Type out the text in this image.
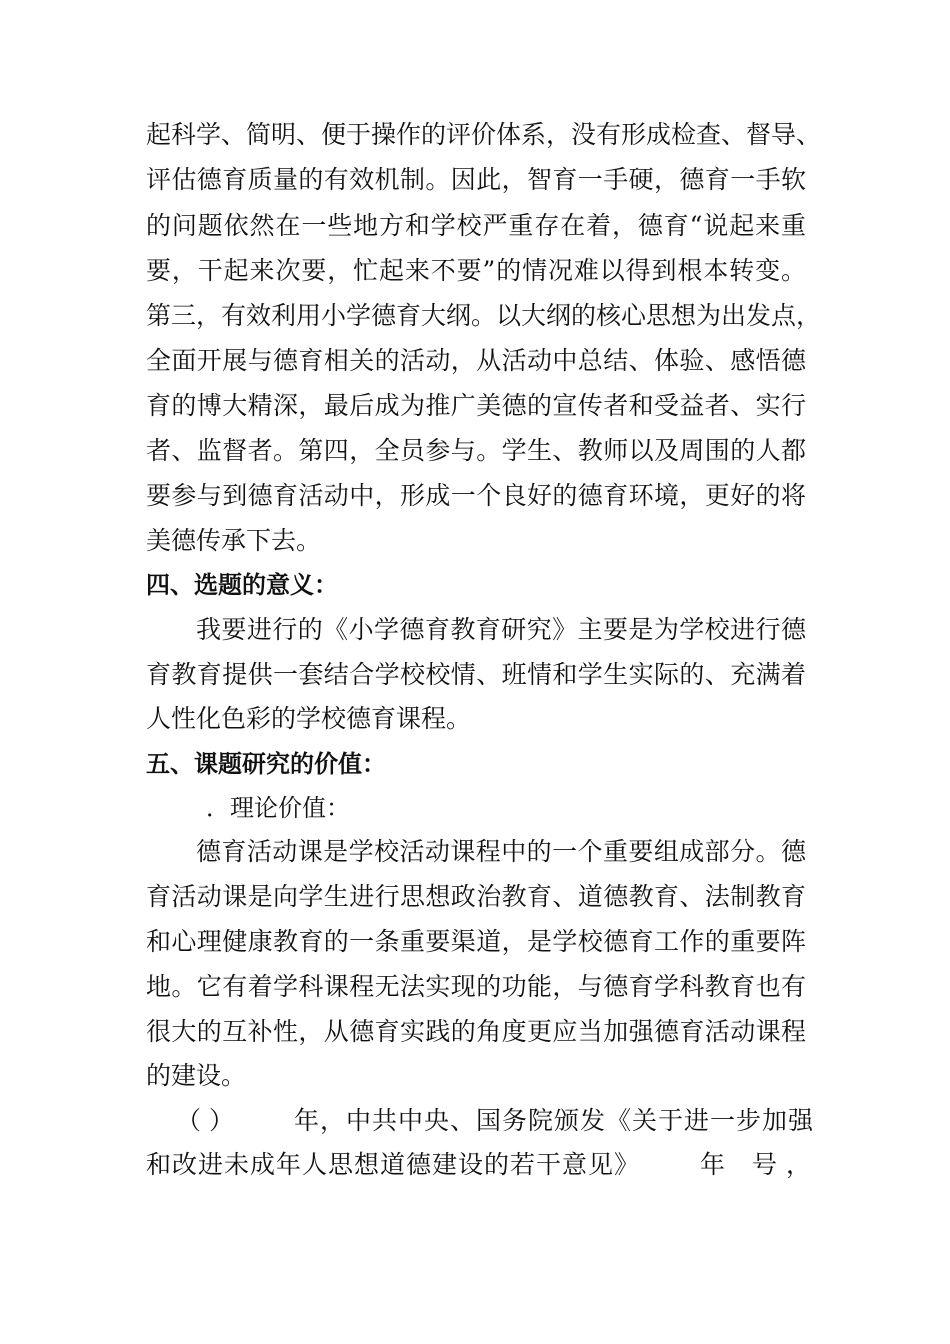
起科学、简明、便于操作的评价体系，没有形成检查、督导、
评估德育质量的有效机制。因此，智育一手硬，德育一手软
的问题依然在一些地方和学校严重存在着，德育“说起来重
要，干起来次要，忙起来不要”的情况难以得到根本转变。
第三，有效利用小学德育大纲。以大纲的核心思想为出发点，
全面开展与德育相关的活动，从活动中总结、体验、感悟德
育的博大精深，最后成为推广美德的宣传者和受益者、实行
者、监督者。第四，全员参与。学生、教师以及周围的人都
要参与到德育活动中，形成一个良好的德育环境，更好的将
美德传承下去。
四、选题的意义：
我要进行的《小学德育教育研究》主要是为学校进行德
育教育提供一套结合学校校情、班情和学生实际的、充满着
人性化色彩的学校德育课程。
五、课题研究的价值：
．理论价值：
德育活动课是学校活动课程中的一个重要组成部分。德
育活动课是向学生进行思想政治教育、道德教育、法制教育
和心理健康教育的一条重要渠道，是学校德育工作的重要阵
地。它有着学科课程无法实现的功能，与德育学科教育也有
很大的互补性，从德育实践的角度更应当加强德育活动课程
的建设。
（ ） 年，中共中央、国务院颁发《关于进一步加强
和改进未成年人思想道德建设的若干意见》 年 号 ，
